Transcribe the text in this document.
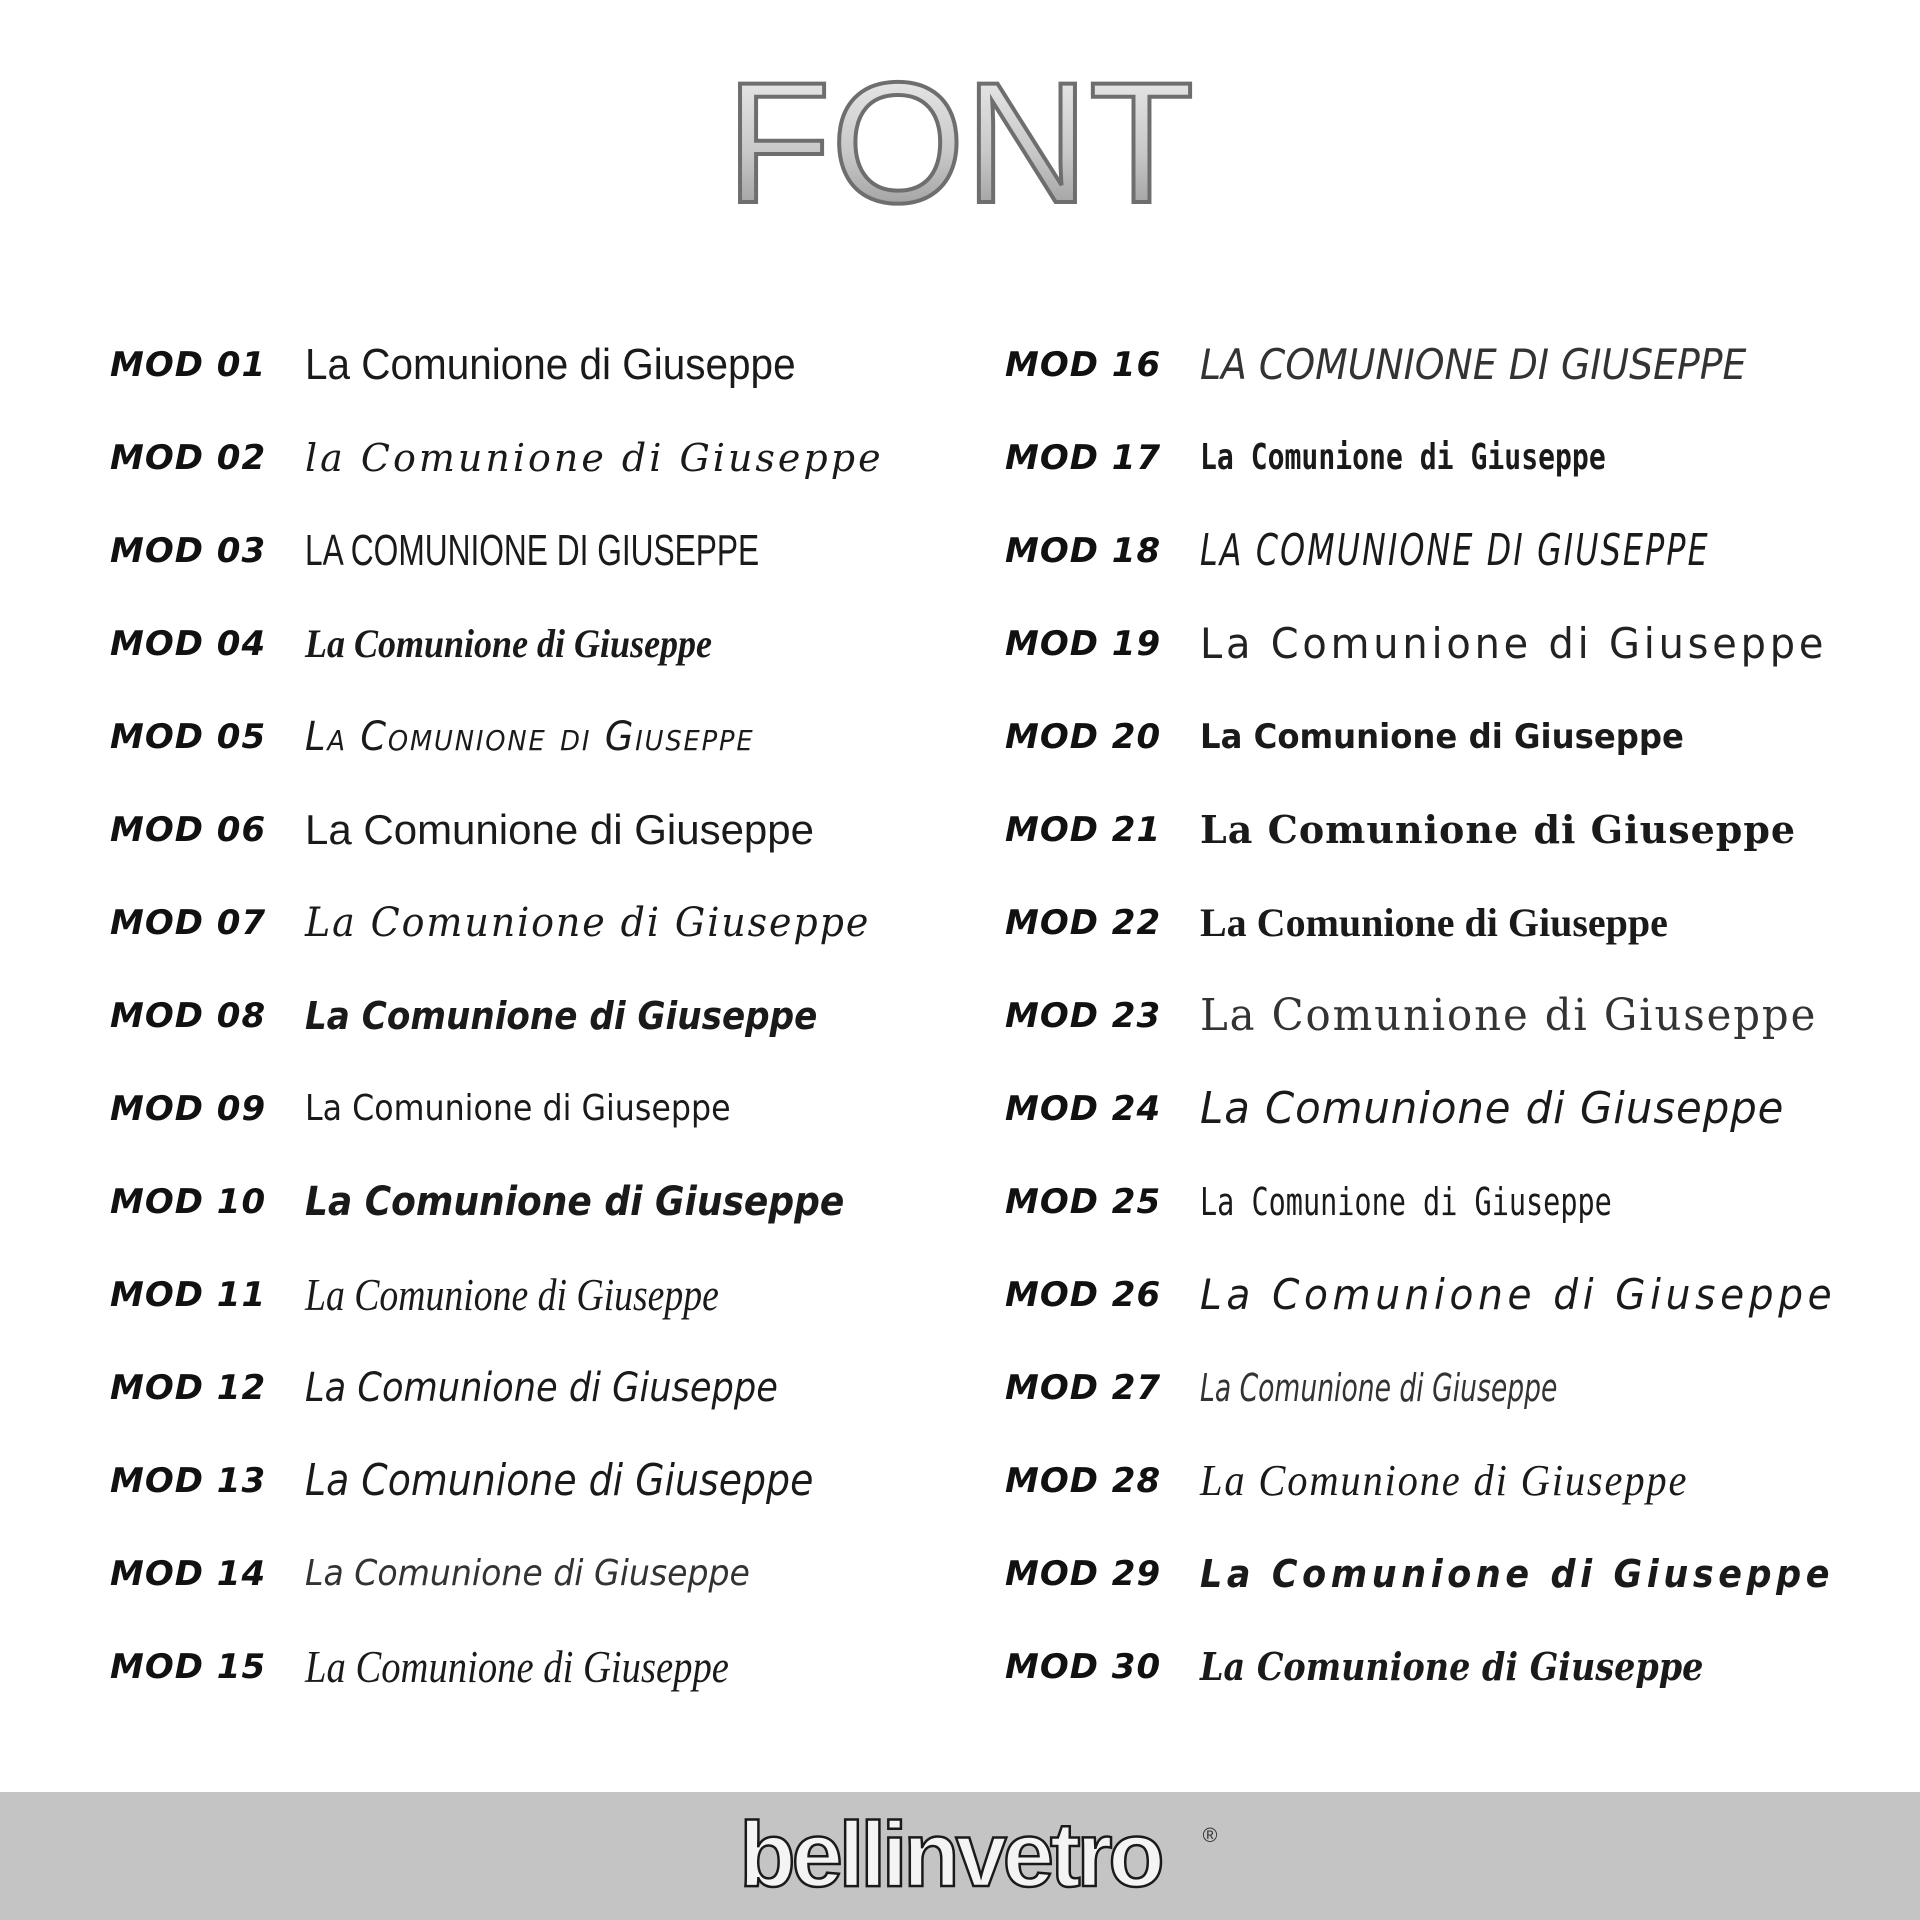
FONT
MOD 01 La Comunione di Giuseppe
MOD 02	la Comunione di Giuseppe
MOD 03 LA COMUNIONE DI GIUSEPPE
MOD 04 La Comunione di Giuseppe
MOD 05 La Comunione di Giuseppe
MOD 06 La Comunione di Giuseppe
MOD 07 La Comunione di Giuseppe
MOD 08	La Comunione di Giuseppe
MOD 09	La Comunione di Giuseppe
MOD 10 La Comunione di Giuseppe
MOD 11 La Comunione di Giuseppe
MOD 12 La Comunione di Giuseppe
MOD 13 La Comunione di Giuseppe
MOD 14	La Comunione di Giuseppe
MOD 15 La Comunione di Giuseppe
MOD 16 LA COMUNIONE DI GIUSEPPE
MOD 17	La Comunione di Giuseppe
MOD 18 LA COMUNIONE DI GIUSEPPE
MOD 19 La Comunione di Giuseppe
MOD 20	La Comunione di Giuseppe
MOD 21	La Comunione di Giuseppe
MOD 22 La Comunione di Giuseppe
MOD 23 La Comunione di Giuseppe
MOD 24 La Comunione di Giuseppe
MOD 25	La Comunione di Giuseppe
MOD 26 La Comunione di Giuseppe
MOD 27	La Comunione di Giuseppe
MOD 28 La Comunione di Giuseppe
MOD 29	La Comunione di Giuseppe
MOD 30	La Comunione di Giuseppe
bellinvetro ®
